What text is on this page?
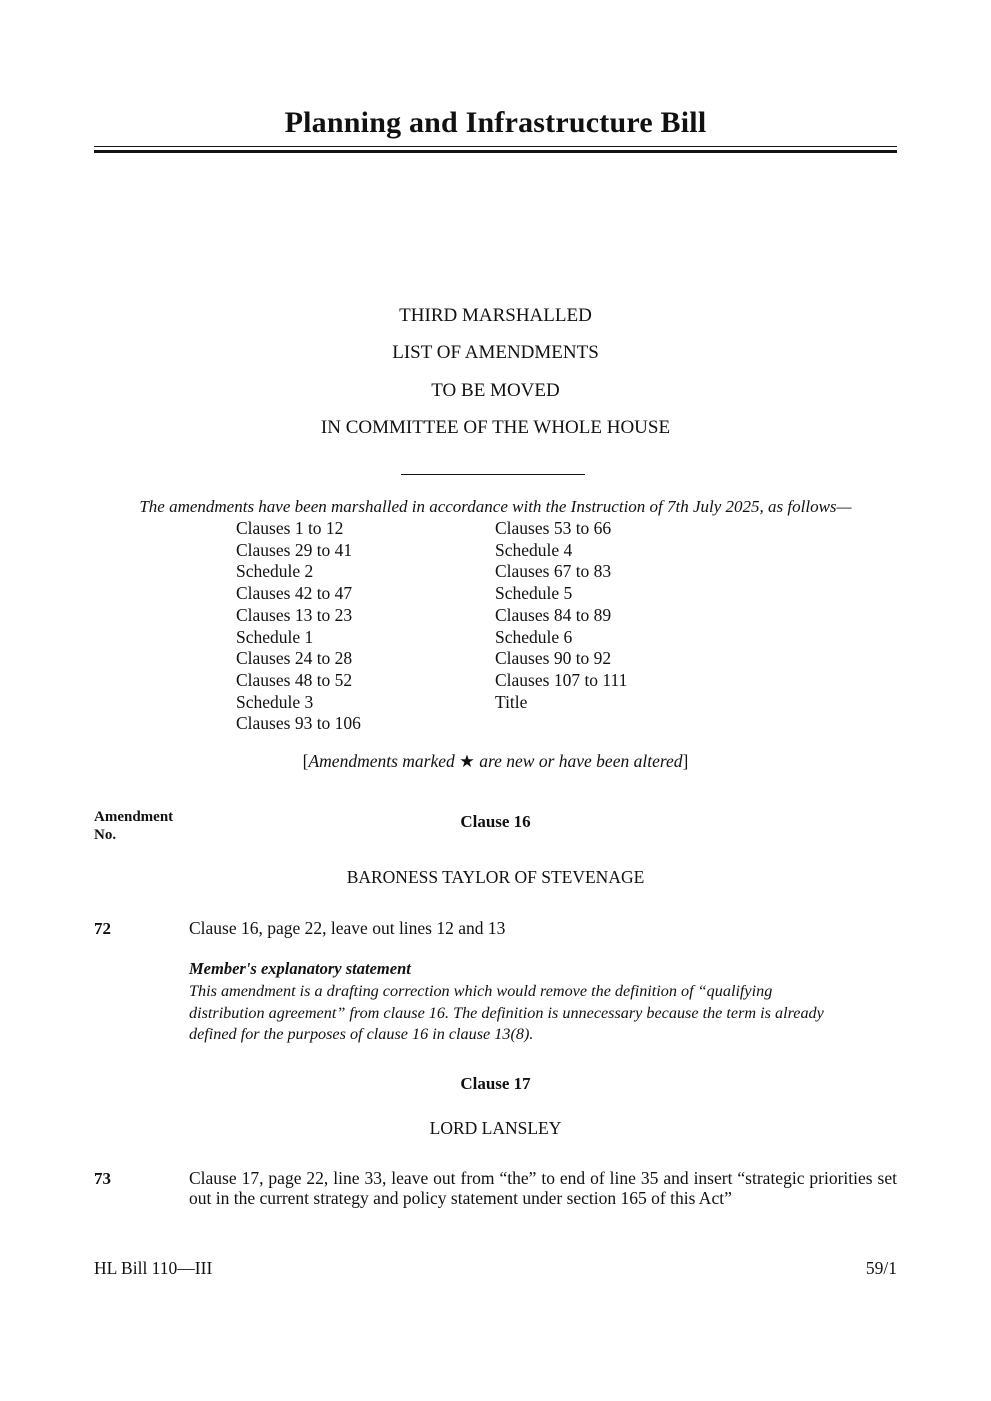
Planning and Infrastructure Bill
THIRD MARSHALLED
LIST OF AMENDMENTS
TO BE MOVED
IN COMMITTEE OF THE WHOLE HOUSE
The amendments have been marshalled in accordance with the Instruction of 7th July 2025, as follows—
Clauses 1 to 12
Clauses 29 to 41
Schedule 2
Clauses 42 to 47
Clauses 13 to 23
Schedule 1
Clauses 24 to 28
Clauses 48 to 52
Schedule 3
Clauses 93 to 106
Clauses 53 to 66
Schedule 4
Clauses 67 to 83
Schedule 5
Clauses 84 to 89
Schedule 6
Clauses 90 to 92
Clauses 107 to 111
Title
[Amendments marked ★ are new or have been altered]
Amendment
No.
Clause 16
BARONESS TAYLOR OF STEVENAGE
72	Clause 16, page 22, leave out lines 12 and 13
Member's explanatory statement
This amendment is a drafting correction which would remove the definition of “qualifying
distribution agreement” from clause 16. The definition is unnecessary because the term is already
defined for the purposes of clause 16 in clause 13(8).
Clause 17
LORD LANSLEY
73	Clause 17, page 22, line 33, leave out from “the” to end of line 35 and insert “strategic priorities set out in the current strategy and policy statement under section 165 of this Act”
HL Bill 110—III	59/1
